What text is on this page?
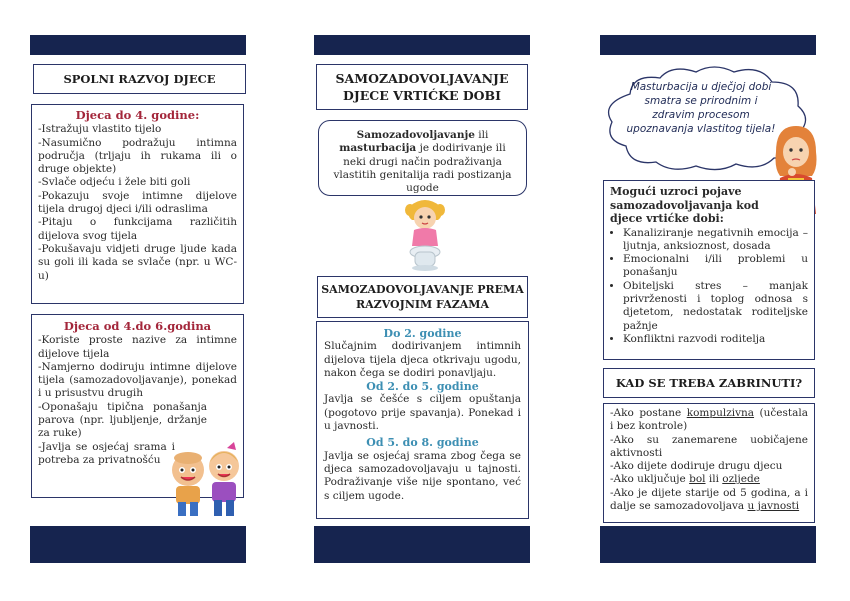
SPOLNI RAZVOJ DJECE
Djeca do 4. godine:
-Istražuju vlastito tijelo
-Nasumično podražuju intimna područja (trljaju ih rukama ili o druge objekte)
-Svlače odjeću i žele biti goli
-Pokazuju svoje intimne dijelove tijela drugoj djeci i/ili odraslima
-Pitaju o funkcijama različitih dijelova svog tijela
-Pokušavaju vidjeti druge ljude kada su goli ili kada se svlače (npr. u WC-u)
Djeca od 4.do 6.godina
-Koriste proste nazive za intimne dijelove tijela
-Namjerno dodiruju intimne dijelove tijela (samozadovoljavanje), ponekad i u prisustvu drugih
-Oponašaju tipična ponašanja parova (npr. ljubljenje, držanje za ruke)
-Javlja se osjećaj srama i potreba za privatnošću
SAMOZADOVOLJAVANJE
DJECE VRTIĆKE DOBI
Samozadovoljavanje ili masturbacija je dodirivanje ili neki drugi način podraživanja vlastitih genitalija radi postizanja ugode
SAMOZADOVOLJAVANJE PREMA
RAZVOJNIM FAZAMA
Do 2. godine
Slučajnim dodirivanjem intimnih dijelova tijela djeca otkrivaju ugodu, nakon čega se dodiri ponavljaju.
Od 2. do 5. godine
Javlja se češće s ciljem opuštanja (pogotovo prije spavanja). Ponekad i u javnosti.
Od 5. do 8. godine
Javlja se osjećaj srama zbog čega se djeca samozadovoljavaju u tajnosti. Podraživanje više nije spontano, već s ciljem ugode.
Masturbacija u dječjoj dobi smatra se prirodnim i zdravim procesom upoznavanja vlastitog tijela!
Mogući uzroci pojave samozadovoljavanja kod djece vrtićke dobi:
• Kanaliziranje negativnih emocija – ljutnja, anksioznost, dosada
• Emocionalni i/ili problemi u ponašanju
• Obiteljski stres – manjak privrženosti i toplog odnosa s djetetom, nedostatak roditeljske pažnje
• Konfliktni razvodi roditelja
KAD SE TREBA ZABRINUTI?
-Ako postane kompulzivna (učestala i bez kontrole)
-Ako su zanemarene uobičajene aktivnosti
-Ako dijete dodiruje drugu djecu
-Ako uključuje bol ili ozljede
-Ako je dijete starije od 5 godina, a i dalje se samozadovoljava u javnosti
